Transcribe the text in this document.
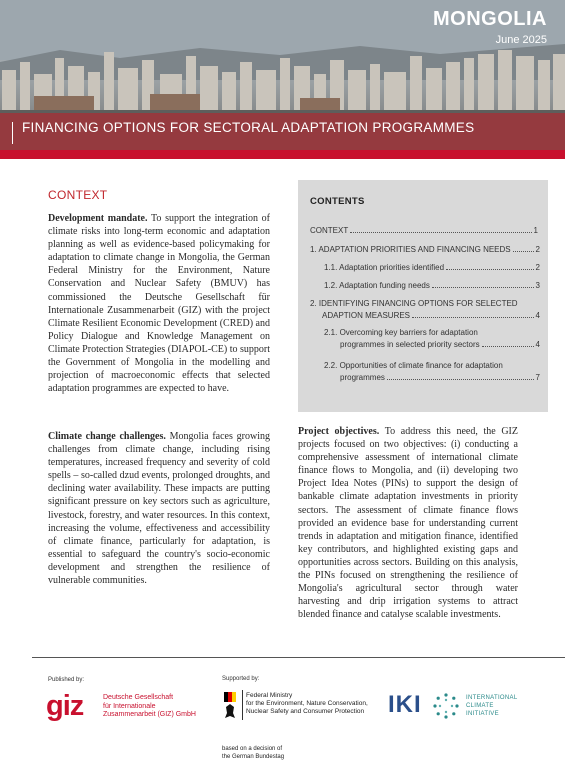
MONGOLIA
June 2025
FINANCING OPTIONS FOR SECTORAL ADAPTATION PROGRAMMES
CONTEXT
Development mandate. To support the integration of climate risks into long-term economic and adaptation planning as well as evidence-based policymaking for adaptation to climate change in Mongolia, the German Federal Ministry for the Environment, Nature Conservation and Nuclear Safety (BMUV) has commissioned the Deutsche Gesellschaft für Internationale Zusammenarbeit (GIZ) with the project Climate Resilient Economic Development (CRED) and Policy Dialogue and Knowledge Management on Climate Protection Strategies (DIAPOL-CE) to support the Government of Mongolia in the modelling and projection of macroeconomic effects that selected adaptation programmes are expected to have.
Climate change challenges. Mongolia faces growing challenges from climate change, including rising temperatures, increased frequency and severity of cold spells – so-called dzud events, prolonged droughts, and declining water availability. These impacts are putting significant pressure on key sectors such as agriculture, livestock, forestry, and water resources. In this context, increasing the volume, effectiveness and accessibility of climate finance, particularly for adaptation, is essential to safeguard the country's socio-economic development and strengthen the resilience of vulnerable communities.
CONTENTS
CONTEXT	1
1. ADAPTATION PRIORITIES AND FINANCING NEEDS	2
1.1. Adaptation priorities identified	2
1.2. Adaptation funding needs	3
2. IDENTIFYING FINANCING OPTIONS FOR SELECTED
ADAPTION MEASURES	4
2.1. Overcoming key barriers for adaptation
programmes in selected priority sectors	4
2.2. Opportunities of climate finance for adaptation
programmes	7
Project objectives. To address this need, the GIZ projects focused on two objectives: (i) conducting a comprehensive assessment of international climate finance flows to Mongolia, and (ii) developing two Project Idea Notes (PINs) to support the design of bankable climate adaptation investments in priority sectors. The assessment of climate finance flows provided an evidence base for understanding current trends in adaptation and mitigation finance, identified key contributors, and highlighted existing gaps and opportunities across sectors. Building on this analysis, the PINs focused on strengthening the resilience of Mongolia's agricultural sector through water harvesting and drip irrigation systems to attract blended finance and catalyse scalable investments.
Published by:	Supported by:
giz	Deutsche Gesellschaft
für Internationale
Zusammenarbeit (GIZ) GmbH
Federal Ministry
for the Environment, Nature Conservation,
Nuclear Safety and Consumer Protection
based on a decision of
the German Bundestag
IKI	INTERNATIONAL
CLIMATE
INITIATIVE
